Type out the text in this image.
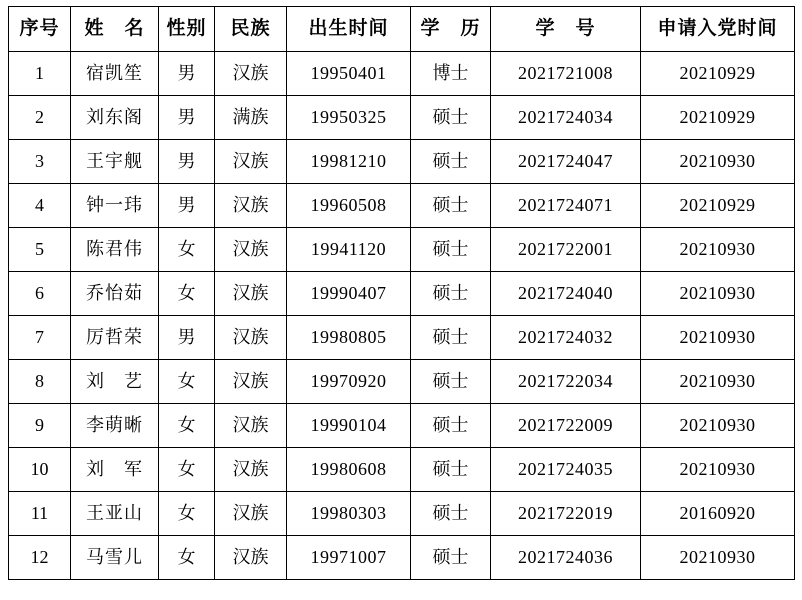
序号	姓　名	性别	民族	出生时间	学　历	学　号	申请入党时间
1	宿凯笙	男	汉族	19950401	博士	2021721008	20210929
2	刘东阁	男	满族	19950325	硕士	2021724034	20210929
3	王宇舰	男	汉族	19981210	硕士	2021724047	20210930
4	钟一玮	男	汉族	19960508	硕士	2021724071	20210929
5	陈君伟	女	汉族	19941120	硕士	2021722001	20210930
6	乔怡茹	女	汉族	19990407	硕士	2021724040	20210930
7	厉哲荣	男	汉族	19980805	硕士	2021724032	20210930
8	刘　艺	女	汉族	19970920	硕士	2021722034	20210930
9	李萌晰	女	汉族	19990104	硕士	2021722009	20210930
10	刘　军	女	汉族	19980608	硕士	2021724035	20210930
11	王亚山	女	汉族	19980303	硕士	2021722019	20160920
12	马雪儿	女	汉族	19971007	硕士	2021724036	20210930
